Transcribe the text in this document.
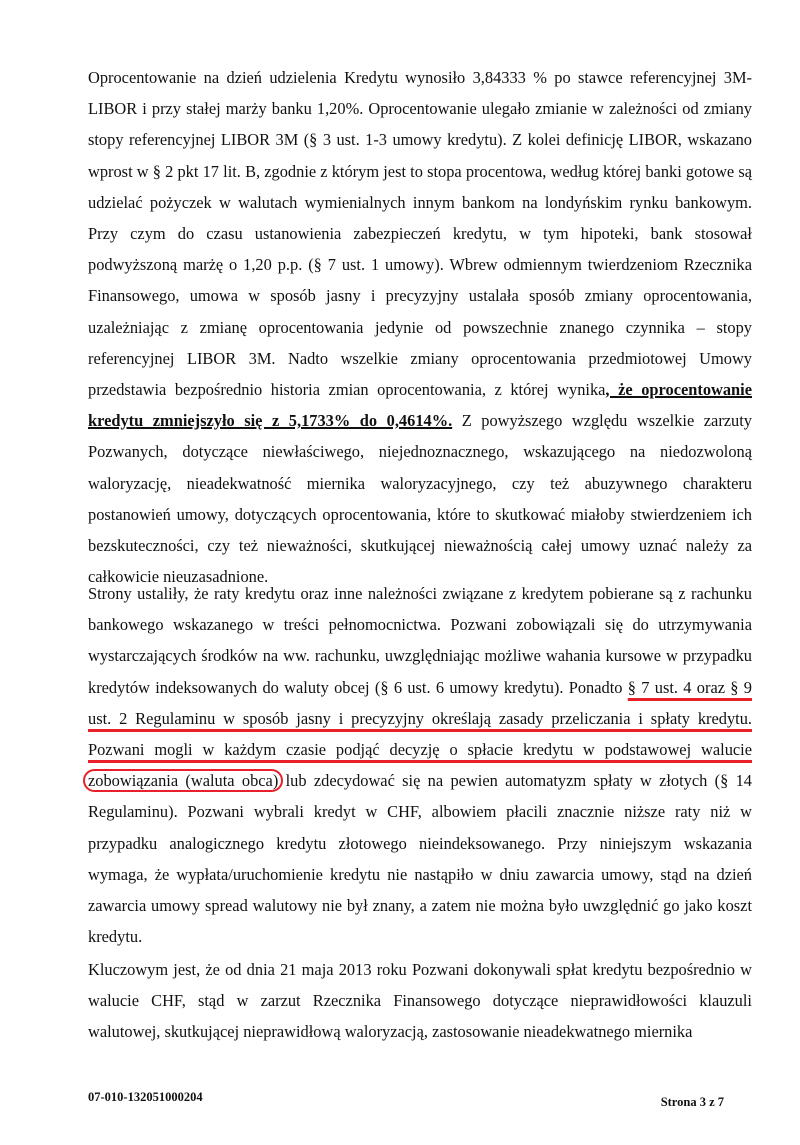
Oprocentowanie na dzień udzielenia Kredytu wynosiło 3,84333 % po stawce referencyjnej 3M-LIBOR i przy stałej marży banku 1,20%. Oprocentowanie ulegało zmianie w zależności od zmiany stopy referencyjnej LIBOR 3M (§ 3 ust. 1-3 umowy kredytu). Z kolei definicję LIBOR, wskazano wprost w § 2 pkt 17 lit. B, zgodnie z którym jest to stopa procentowa, według której banki gotowe są udzielać pożyczek w walutach wymienialnych innym bankom na londyńskim rynku bankowym. Przy czym do czasu ustanowienia zabezpieczeń kredytu, w tym hipoteki, bank stosował podwyższoną marżę o 1,20 p.p. (§ 7 ust. 1 umowy). Wbrew odmiennym twierdzeniom Rzecznika Finansowego, umowa w sposób jasny i precyzyjny ustalała sposób zmiany oprocentowania, uzależniając z zmianę oprocentowania jedynie od powszechnie znanego czynnika – stopy referencyjnej LIBOR 3M. Nadto wszelkie zmiany oprocentowania przedmiotowej Umowy przedstawia bezpośrednio historia zmian oprocentowania, z której wynika, że oprocentowanie kredytu zmniejszyło się z 5,1733% do 0,4614%. Z powyższego względu wszelkie zarzuty Pozwanych, dotyczące niewłaściwego, niejednoznacznego, wskazującego na niedozwoloną waloryzację, nieadekwatność miernika waloryzacyjnego, czy też abuzywnego charakteru postanowień umowy, dotyczących oprocentowania, które to skutkować miałoby stwierdzeniem ich bezskuteczności, czy też nieważności, skutkującej nieważnością całej umowy uznać należy za całkowicie nieuzasadnione.

Strony ustaliły, że raty kredytu oraz inne należności związane z kredytem pobierane są z rachunku bankowego wskazanego w treści pełnomocnictwa. Pozwani zobowiązali się do utrzymywania wystarczających środków na ww. rachunku, uwzględniając możliwe wahania kursowe w przypadku kredytów indeksowanych do waluty obcej (§ 6 ust. 6 umowy kredytu). Ponadto § 7 ust. 4 oraz § 9 ust. 2 Regulaminu w sposób jasny i precyzyjny określają zasady przeliczania i spłaty kredytu. Pozwani mogli w każdym czasie podjąć decyzję o spłacie kredytu w podstawowej walucie zobowiązania (waluta obca) lub zdecydować się na pewien automatyzm spłaty w złotych (§ 14 Regulaminu). Pozwani wybrali kredyt w CHF, albowiem płacili znacznie niższe raty niż w przypadku analogicznego kredytu złotowego nieindeksowanego. Przy niniejszym wskazania wymaga, że wypłata/uruchomienie kredytu nie nastąpiło w dniu zawarcia umowy, stąd na dzień zawarcia umowy spread walutowy nie był znany, a zatem nie można było uwzględnić go jako koszt kredytu.

Kluczowym jest, że od dnia 21 maja 2013 roku Pozwani dokonywali spłat kredytu bezpośrednio w walucie CHF, stąd w zarzut Rzecznika Finansowego dotyczące nieprawidłowości klauzuli walutowej, skutkującej nieprawidłową waloryzacją, zastosowanie nieadekwatnego miernika

07-010-132051000204	Strona 3 z 7
